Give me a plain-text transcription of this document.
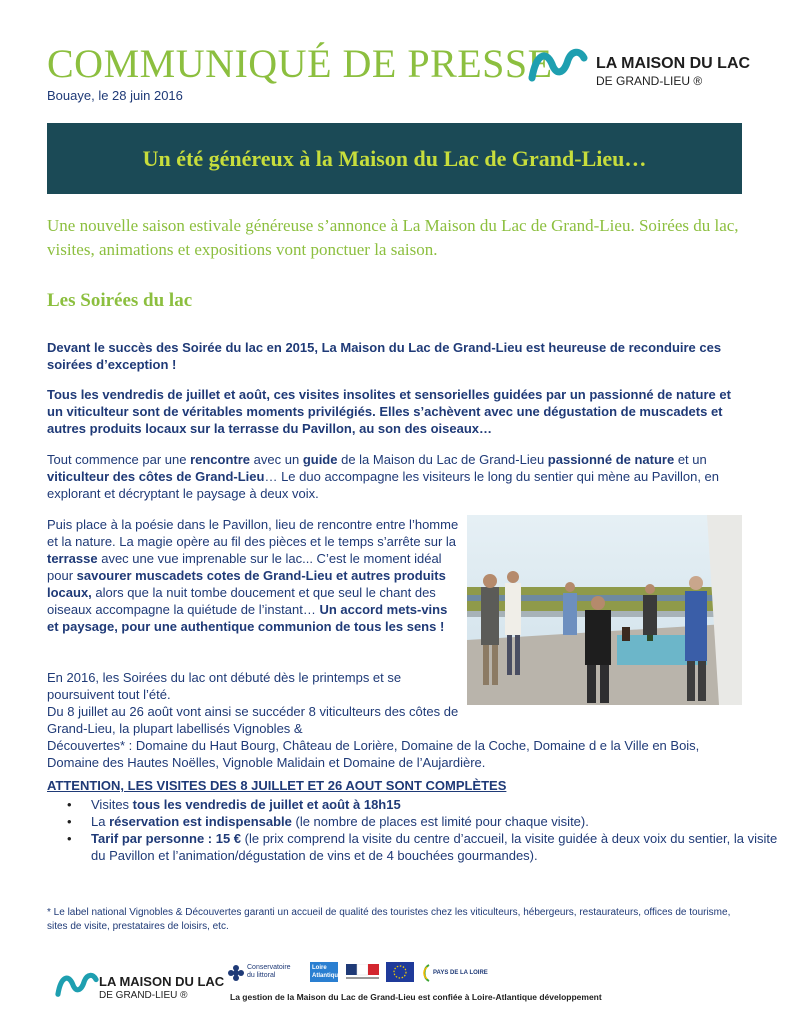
COMMUNIQUÉ DE PRESSE	LA MAISON DU LAC
DE GRAND-LIEU ®
Bouaye, le 28 juin 2016
Un été généreux à la Maison du Lac de Grand-Lieu…
Une nouvelle saison estivale généreuse s’annonce à La Maison du Lac de Grand-Lieu. Soirées du lac, visites, animations et expositions vont ponctuer la saison.
Les Soirées du lac
Devant le succès des Soirée du lac en 2015, La Maison du Lac de Grand-Lieu est heureuse de reconduire ces soirées d’exception !
Tous les vendredis de juillet et août, ces visites insolites et sensorielles guidées par un passionné de nature et un viticulteur sont de véritables moments privilégiés. Elles s’achèvent avec une dégustation de muscadets et autres produits locaux sur la terrasse du Pavillon, au son des oiseaux…
Tout commence par une rencontre avec un guide de la Maison du Lac de Grand-Lieu passionné de nature et un viticulteur des côtes de Grand-Lieu… Le duo accompagne les visiteurs le long du sentier qui mène au Pavillon, en explorant et décryptant le paysage à deux voix.
Puis place à la poésie dans le Pavillon, lieu de rencontre entre l’homme et la nature. La magie opère au fil des pièces et le temps s’arrête sur la terrasse avec une vue imprenable sur le lac... C’est le moment idéal pour savourer muscadets cotes de Grand-Lieu et autres produits locaux, alors que la nuit tombe doucement et que seul le chant des oiseaux accompagne la quiétude de l’instant… Un accord mets-vins et paysage, pour une authentique communion de tous les sens !
En 2016, les Soirées du lac ont débuté dès le printemps et se poursuivent tout l’été.
Du 8 juillet au 26 août vont ainsi se succéder 8 viticulteurs des côtes de Grand-Lieu, la plupart labellisés Vignobles &
Découvertes* : Domaine du Haut Bourg, Château de Lorière, Domaine de la Coche, Domaine d e la Ville en Bois, Domaine des Hautes Noëlles, Vignoble Malidain et Domaine de l’Aujardière.
ATTENTION, LES VISITES DES 8 JUILLET ET 26 AOUT SONT COMPLÈTES
• Visites tous les vendredis de juillet et août à 18h15
• La réservation est indispensable (le nombre de places est limité pour chaque visite).
• Tarif par personne : 15 € (le prix comprend la visite du centre d’accueil, la visite guidée à deux voix du sentier, la visite du Pavillon et l’animation/dégustation de vins et de 4 bouchées gourmandes).
* Le label national Vignobles & Découvertes garanti un accueil de qualité des touristes chez les viticulteurs, hébergeurs, restaurateurs, offices de tourisme, sites de visite, prestataires de loisirs, etc.
LA MAISON DU LAC
DE GRAND-LIEU ®
Conservatoire
du littoral
Loire
Atlantique	PAYS DE LA LOIRE
La gestion de la Maison du Lac de Grand-Lieu est confiée à Loire-Atlantique développement
